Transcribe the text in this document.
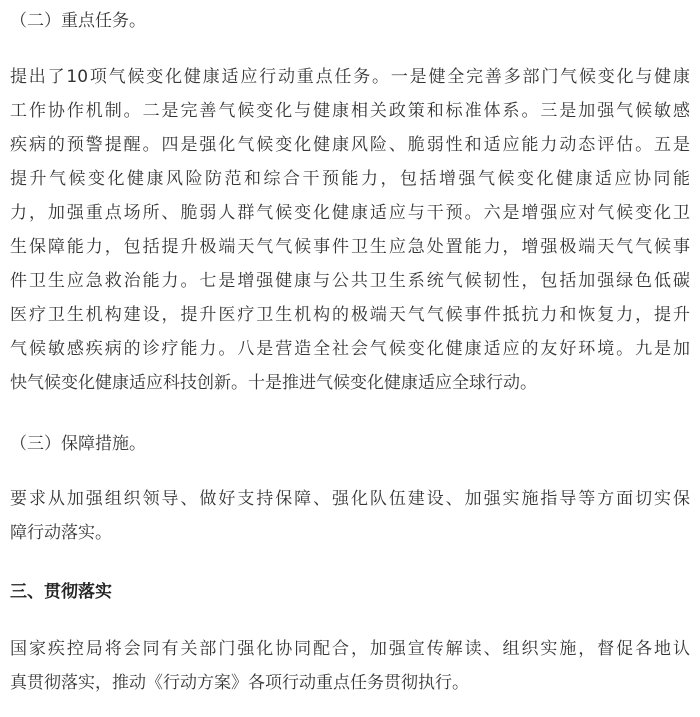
（二）重点任务。
提出了10项气候变化健康适应行动重点任务。一是健全完善多部门气候变化与健康
工作协作机制。二是完善气候变化与健康相关政策和标准体系。三是加强气候敏感
疾病的预警提醒。四是强化气候变化健康风险、脆弱性和适应能力动态评估。五是
提升气候变化健康风险防范和综合干预能力，包括增强气候变化健康适应协同能
力，加强重点场所、脆弱人群气候变化健康适应与干预。六是增强应对气候变化卫
生保障能力，包括提升极端天气气候事件卫生应急处置能力，增强极端天气气候事
件卫生应急救治能力。七是增强健康与公共卫生系统气候韧性，包括加强绿色低碳
医疗卫生机构建设，提升医疗卫生机构的极端天气气候事件抵抗力和恢复力，提升
气候敏感疾病的诊疗能力。八是营造全社会气候变化健康适应的友好环境。九是加
快气候变化健康适应科技创新。十是推进气候变化健康适应全球行动。
（三）保障措施。
要求从加强组织领导、做好支持保障、强化队伍建设、加强实施指导等方面切实保
障行动落实。
三、贯彻落实
国家疾控局将会同有关部门强化协同配合，加强宣传解读、组织实施，督促各地认
真贯彻落实，推动《行动方案》各项行动重点任务贯彻执行。
